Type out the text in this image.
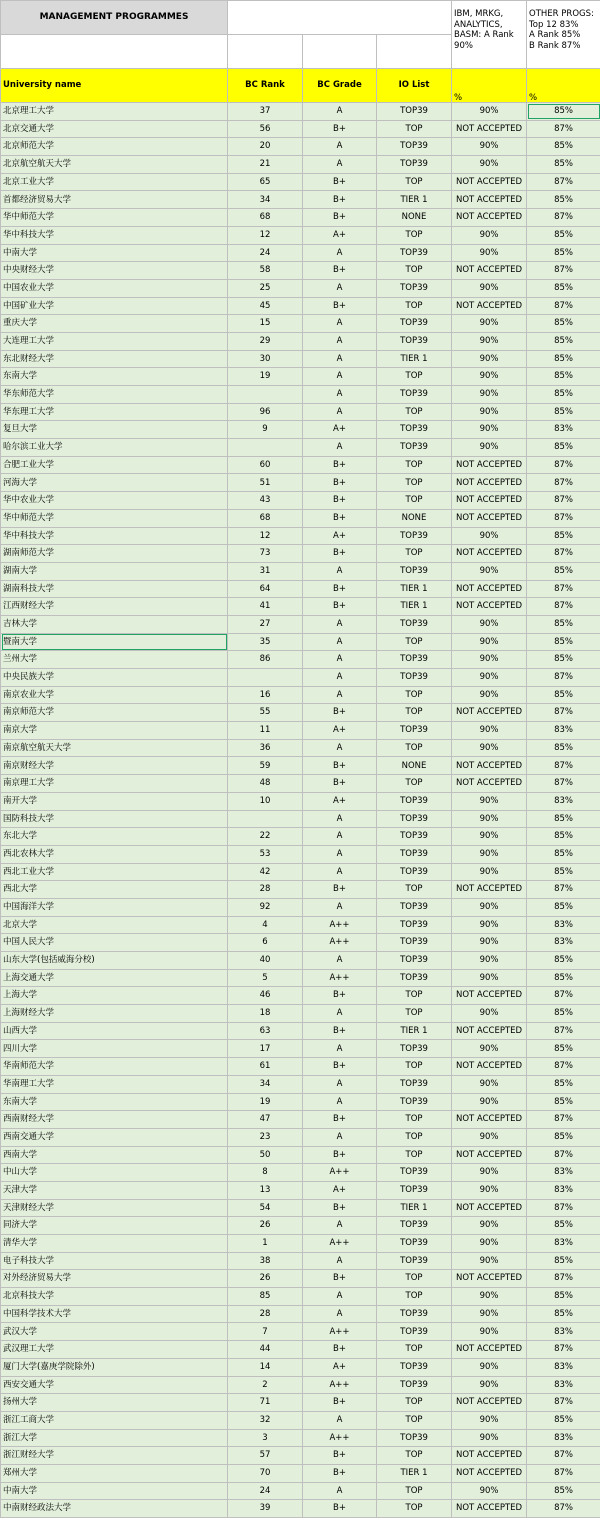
MANAGEMENT PROGRAMMES				IBM, MRKG, ANALYTICS, BASM: A Rank 90%	OTHER PROGS: Top 12 83%
A Rank 85%
B Rank 87%

University name	BC Rank	BC Grade	IO List	%	%
北京理工大学	37	A	TOP39	90%	85%
北京交通大学	56	B+	TOP	NOT ACCEPTED	87%
北京师范大学	20	A	TOP39	90%	85%
北京航空航天大学	21	A	TOP39	90%	85%
北京工业大学	65	B+	TOP	NOT ACCEPTED	87%
首都经济贸易大学	34	B+	TIER 1	NOT ACCEPTED	85%
华中师范大学	68	B+	NONE	NOT ACCEPTED	87%
华中科技大学	12	A+	TOP	90%	85%
中南大学	24	A	TOP39	90%	85%
中央财经大学	58	B+	TOP	NOT ACCEPTED	87%
中国农业大学	25	A	TOP39	90%	85%
中国矿业大学	45	B+	TOP	NOT ACCEPTED	87%
重庆大学	15	A	TOP39	90%	85%
大连理工大学	29	A	TOP39	90%	85%
东北财经大学	30	A	TIER 1	90%	85%
东南大学	19	A	TOP	90%	85%
华东师范大学		A	TOP39	90%	85%
华东理工大学	96	A	TOP	90%	85%
复旦大学	9	A+	TOP39	90%	83%
哈尔滨工业大学		A	TOP39	90%	85%
合肥工业大学	60	B+	TOP	NOT ACCEPTED	87%
河海大学	51	B+	TOP	NOT ACCEPTED	87%
华中农业大学	43	B+	TOP	NOT ACCEPTED	87%
华中师范大学	68	B+	NONE	NOT ACCEPTED	87%
华中科技大学	12	A+	TOP39	90%	85%
湖南师范大学	73	B+	TOP	NOT ACCEPTED	87%
湖南大学	31	A	TOP39	90%	85%
湖南科技大学	64	B+	TIER 1	NOT ACCEPTED	87%
江西财经大学	41	B+	TIER 1	NOT ACCEPTED	87%
吉林大学	27	A	TOP39	90%	85%
暨南大学	35	A	TOP	90%	85%
兰州大学	86	A	TOP39	90%	85%
中央民族大学		A	TOP39	90%	87%
南京农业大学	16	A	TOP	90%	85%
南京师范大学	55	B+	TOP	NOT ACCEPTED	87%
南京大学	11	A+	TOP39	90%	83%
南京航空航天大学	36	A	TOP	90%	85%
南京财经大学	59	B+	NONE	NOT ACCEPTED	87%
南京理工大学	48	B+	TOP	NOT ACCEPTED	87%
南开大学	10	A+	TOP39	90%	83%
国防科技大学		A	TOP39	90%	85%
东北大学	22	A	TOP39	90%	85%
西北农林大学	53	A	TOP39	90%	85%
西北工业大学	42	A	TOP39	90%	85%
西北大学	28	B+	TOP	NOT ACCEPTED	87%
中国海洋大学	92	A	TOP39	90%	85%
北京大学	4	A++	TOP39	90%	83%
中国人民大学	6	A++	TOP39	90%	83%
山东大学(包括威海分校)	40	A	TOP39	90%	85%
上海交通大学	5	A++	TOP39	90%	85%
上海大学	46	B+	TOP	NOT ACCEPTED	87%
上海财经大学	18	A	TOP	90%	85%
山西大学	63	B+	TIER 1	NOT ACCEPTED	87%
四川大学	17	A	TOP39	90%	85%
华南师范大学	61	B+	TOP	NOT ACCEPTED	87%
华南理工大学	34	A	TOP39	90%	85%
东南大学	19	A	TOP39	90%	85%
西南财经大学	47	B+	TOP	NOT ACCEPTED	87%
西南交通大学	23	A	TOP	90%	85%
西南大学	50	B+	TOP	NOT ACCEPTED	87%
中山大学	8	A++	TOP39	90%	83%
天津大学	13	A+	TOP39	90%	83%
天津财经大学	54	B+	TIER 1	NOT ACCEPTED	87%
同济大学	26	A	TOP39	90%	85%
清华大学	1	A++	TOP39	90%	83%
电子科技大学	38	A	TOP39	90%	85%
对外经济贸易大学	26	B+	TOP	NOT ACCEPTED	87%
北京科技大学	85	A	TOP	90%	85%
中国科学技术大学	28	A	TOP39	90%	85%
武汉大学	7	A++	TOP39	90%	83%
武汉理工大学	44	B+	TOP	NOT ACCEPTED	87%
厦门大学(嘉庚学院除外)	14	A+	TOP39	90%	83%
西安交通大学	2	A++	TOP39	90%	83%
扬州大学	71	B+	TOP	NOT ACCEPTED	87%
浙江工商大学	32	A	TOP	90%	85%
浙江大学	3	A++	TOP39	90%	83%
浙江财经大学	57	B+	TOP	NOT ACCEPTED	87%
郑州大学	70	B+	TIER 1	NOT ACCEPTED	87%
中南大学	24	A	TOP	90%	85%
中南财经政法大学	39	B+	TOP	NOT ACCEPTED	87%
